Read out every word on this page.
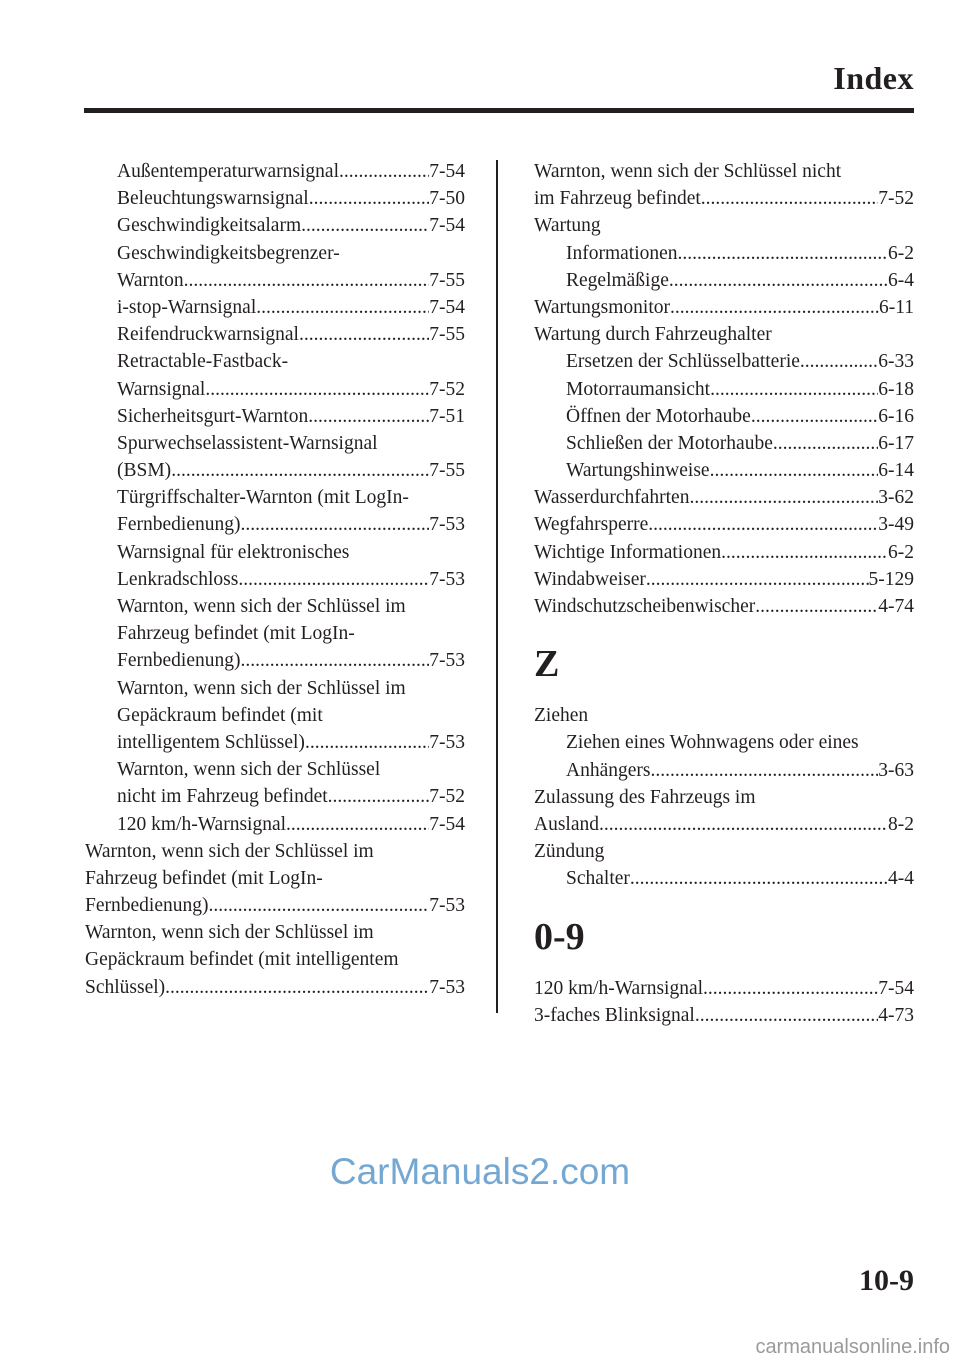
Index
Außentemperaturwarnsignal .....	7-54
Beleuchtungswarnsignal .....	7-50
Geschwindigkeitsalarm .....	7-54
Geschwindigkeitsbegrenzer-
Warnton .....	7-55
i-stop-Warnsignal .....	7-54
Reifendruckwarnsignal .....	7-55
Retractable-Fastback-
Warnsignal .....	7-52
Sicherheitsgurt-Warnton .....	7-51
Spurwechselassistent-Warnsignal
(BSM) .....	7-55
Türgriffschalter-Warnton (mit LogIn-
Fernbedienung) .....	7-53
Warnsignal für elektronisches
Lenkradschloss .....	7-53
Warnton, wenn sich der Schlüssel im
Fahrzeug befindet (mit LogIn-
Fernbedienung) .....	7-53
Warnton, wenn sich der Schlüssel im
Gepäckraum befindet (mit
intelligentem Schlüssel) .....	7-53
Warnton, wenn sich der Schlüssel
nicht im Fahrzeug befindet .....	7-52
120 km/h-Warnsignal .....	7-54
Warnton, wenn sich der Schlüssel im
Fahrzeug befindet (mit LogIn-
Fernbedienung) .....	7-53
Warnton, wenn sich der Schlüssel im
Gepäckraum befindet (mit intelligentem
Schlüssel) .....	7-53
Warnton, wenn sich der Schlüssel nicht
im Fahrzeug befindet .....	7-52
Wartung
Informationen .....	6-2
Regelmäßige .....	6-4
Wartungsmonitor .....	6-11
Wartung durch Fahrzeughalter
Ersetzen der Schlüsselbatterie .....	6-33
Motorraumansicht .....	6-18
Öffnen der Motorhaube .....	6-16
Schließen der Motorhaube .....	6-17
Wartungshinweise .....	6-14
Wasserdurchfahrten .....	3-62
Wegfahrsperre .....	3-49
Wichtige Informationen .....	6-2
Windabweiser .....	5-129
Windschutzscheibenwischer .....	4-74
Z
Ziehen
Ziehen eines Wohnwagens oder eines
Anhängers .....	3-63
Zulassung des Fahrzeugs im
Ausland .....	8-2
Zündung
Schalter .....	4-4
0-9
120 km/h-Warnsignal .....	7-54
3-faches Blinksignal .....	4-73
CarManuals2.com
10-9
carmanualsonline.info
